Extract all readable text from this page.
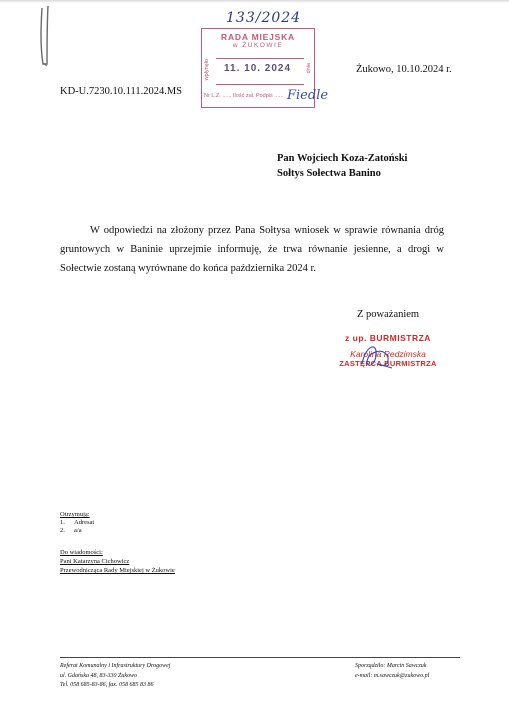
133/2024
RADA MIEJSKA
w ŻUKOWIE
wpłynęło 11. 10. 2024	dnia
Nr L.Z. ...... Ilość zał. Podpis ...... Fiedle
Żukowo, 10.10.2024 r.
KD-U.7230.10.111.2024.MS
Pan Wojciech Koza-Zatoński
Sołtys Sołectwa Banino

W odpowiedzi na złożony przez Pana Sołtysa wniosek w sprawie równania dróg gruntowych w Baninie uprzejmie informuję, że trwa równanie jesienne, a drogi w Sołectwie zostaną wyrównane do końca października 2024 r.

Z poważaniem
z up. BURMISTRZA
Karolina Redzimska
ZASTĘPCA BURMISTRZA
Otrzymują:
1. Adresat
2. a/a
Do wiadomości:
Pani Katarzyna Cichowicz
Przewodnicząca Rady Miejskiej w Żukowie
Referat Komunalny i Infrastruktury Drogowej
ul. Gdańska 48, 83-330 Żukowo
Tel. 058 685-83-86, fax. 058 685 83 86
Sporządziło: Marcin Sawczuk
e-mail: m.sawczuk@zukowo.pl
